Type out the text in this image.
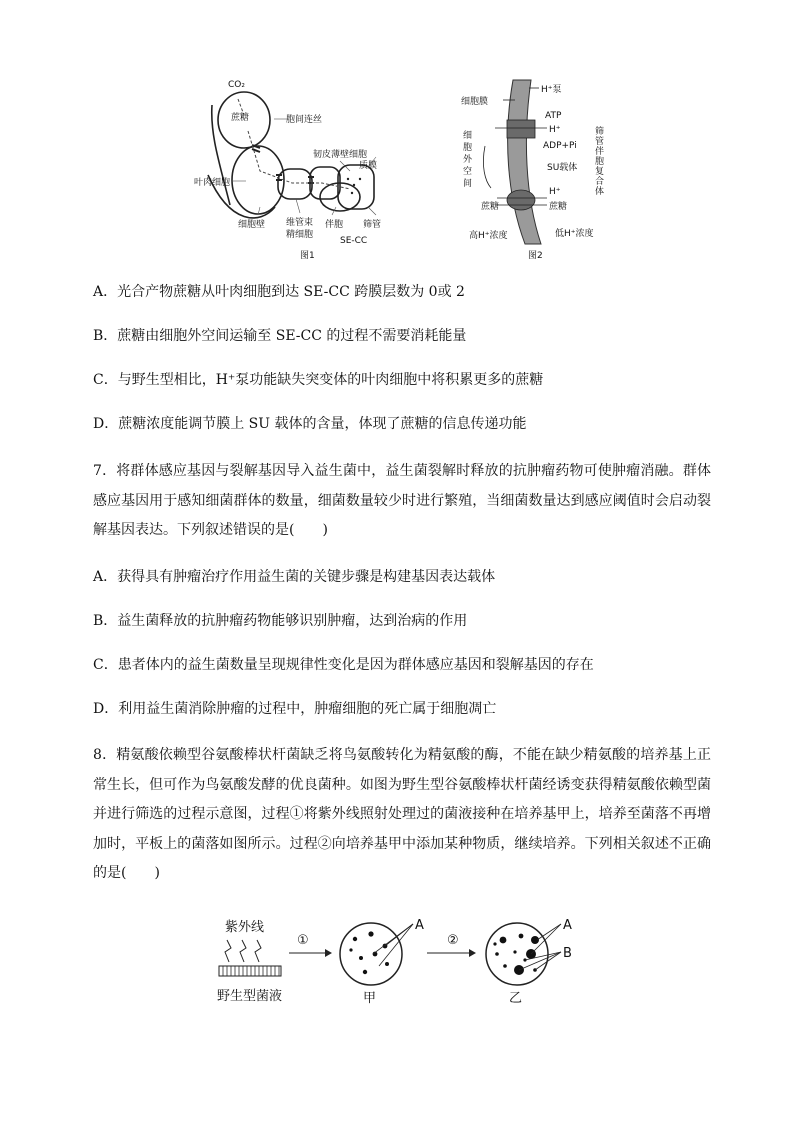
CO₂
蔗糖	胞间连丝
韧皮薄壁细胞
质膜
叶肉细胞
细胞壁 维管束 精细胞
伴胞 筛管
SE-CC
图1
H⁺泵
细胞膜
ATP
H⁺
ADP+Pi
细 胞 外 空 间
SU载体
H⁺
蔗糖	蔗糖
筛 管 伴 胞 复 合 体
高H⁺浓度	低H⁺浓度
图2
A．光合产物蔗糖从叶肉细胞到达 SE-CC 跨膜层数为 0或 2
B．蔗糖由细胞外空间运输至 SE-CC 的过程不需要消耗能量
C．与野生型相比，H⁺泵功能缺失突变体的叶肉细胞中将积累更多的蔗糖
D．蔗糖浓度能调节膜上 SU 载体的含量，体现了蔗糖的信息传递功能
7．将群体感应基因与裂解基因导入益生菌中，益生菌裂解时释放的抗肿瘤药物可使肿瘤消融。群体感应基因用于感知细菌群体的数量，细菌数量较少时进行繁殖，当细菌数量达到感应阈值时会启动裂解基因表达。下列叙述错误的是(　　)
A．获得具有肿瘤治疗作用益生菌的关键步骤是构建基因表达载体
B．益生菌释放的抗肿瘤药物能够识别肿瘤，达到治病的作用
C．患者体内的益生菌数量呈现规律性变化是因为群体感应基因和裂解基因的存在
D．利用益生菌消除肿瘤的过程中，肿瘤细胞的死亡属于细胞凋亡
8．精氨酸依赖型谷氨酸棒状杆菌缺乏将鸟氨酸转化为精氨酸的酶，不能在缺少精氨酸的培养基上正常生长，但可作为鸟氨酸发酵的优良菌种。如图为野生型谷氨酸棒状杆菌经诱变获得精氨酸依赖型菌并进行筛选的过程示意图，过程①将紫外线照射处理过的菌液接种在培养基甲上，培养至菌落不再增加时，平板上的菌落如图所示。过程②向培养基甲中添加某种物质，继续培养。下列相关叙述不正确的是(　　)
紫外线
野生型菌液
①
A
甲
②
A
B
乙
